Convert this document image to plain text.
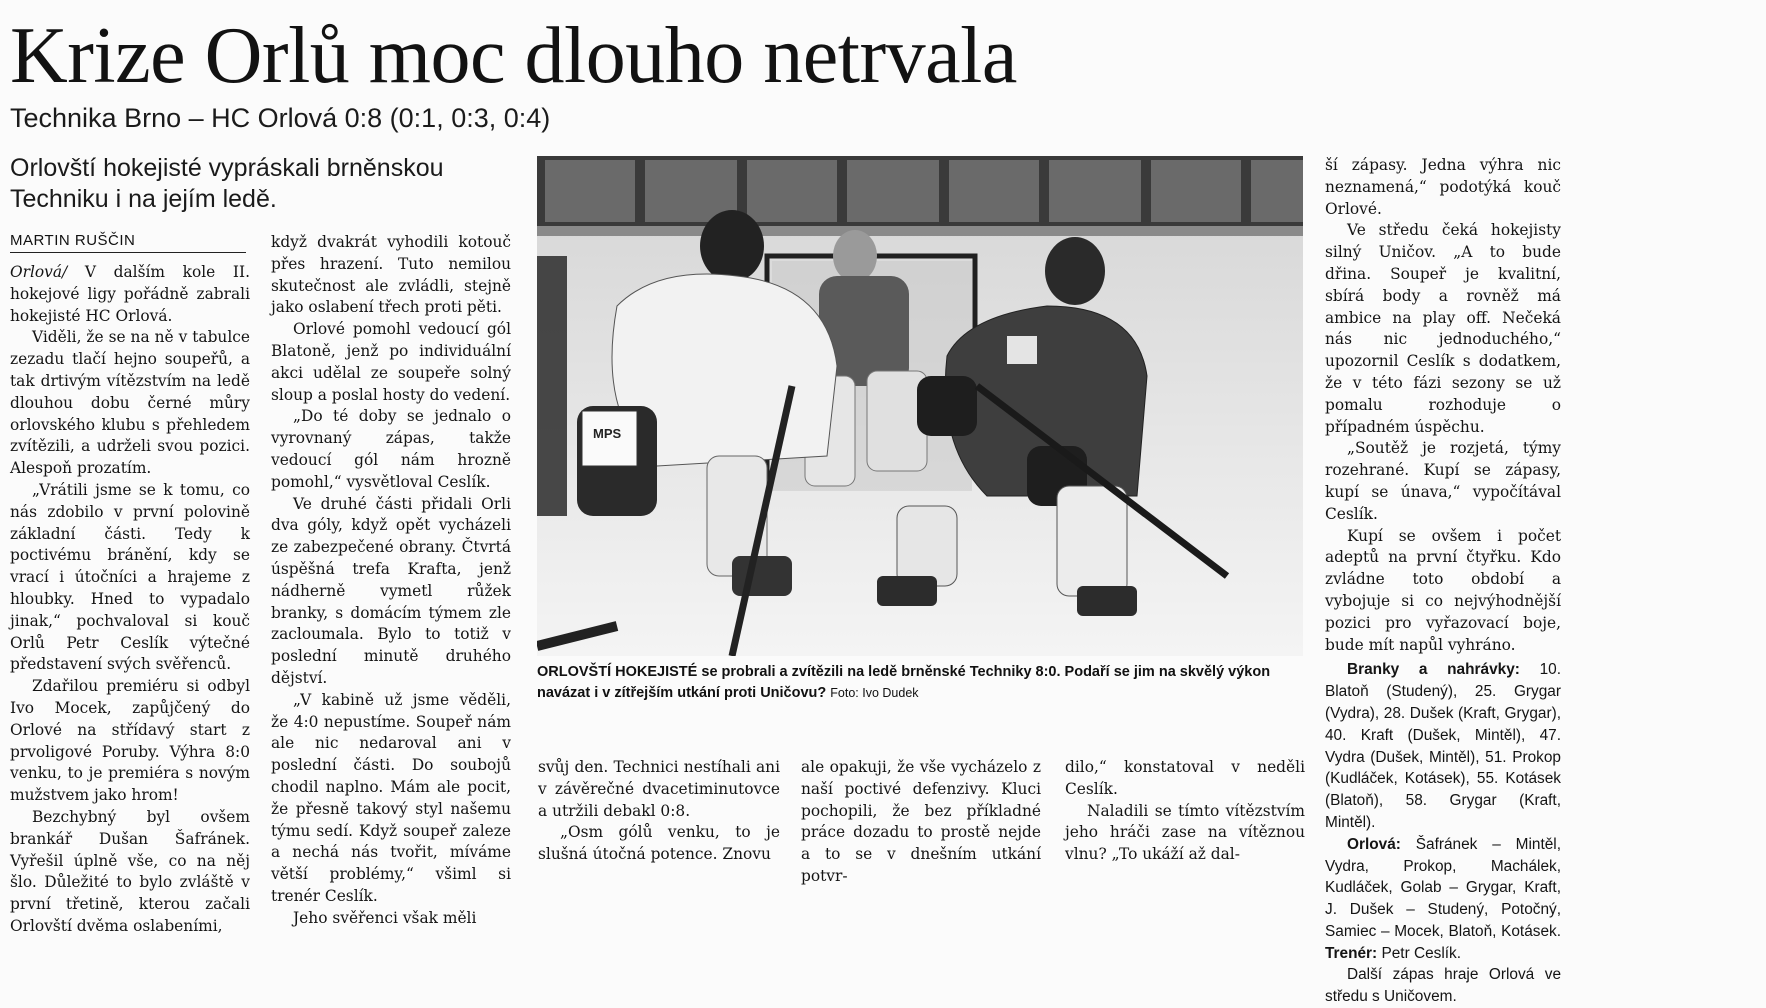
Krize Orlů moc dlouho netrvala
Technika Brno – HC Orlová 0:8 (0:1, 0:3, 0:4)
Orlovští hokejisté vypráskali brněnskou Techniku i na jejím ledě.
MARTIN RUŠČIN

Orlová/ V dalším kole II. hokejové ligy pořádně zabrali hokejisté HC Orlová.

Viděli, že se na ně v tabulce zezadu tlačí hejno soupeřů, a tak drtivým vítězstvím na ledě dlouhou dobu černé můry orlovského klubu s přehledem zvítězili, a udrželi svou pozici. Alespoň prozatím.

„Vrátili jsme se k tomu, co nás zdobilo v první polovině základní části. Tedy k poctivému bránění, kdy se vrací i útočníci a hrajeme z hloubky. Hned to vypadalo jinak,“ pochvaloval si kouč Orlů Petr Ceslík výtečné představení svých svěřenců.

Zdařilou premiéru si odbyl Ivo Mocek, zapůjčený do Orlové na střídavý start z prvoligové Poruby. Výhra 8:0 venku, to je premiéra s novým mužstvem jako hrom!

Bezchybný byl ovšem brankář Dušan Šafránek. Vyřešil úplně vše, co na něj šlo. Důležité to bylo zvláště v první třetině, kterou začali Orlovští dvěma oslabeními,

když dvakrát vyhodili kotouč přes hrazení. Tuto nemilou skutečnost ale zvládli, stejně jako oslabení třech proti pěti.

Orlové pomohl vedoucí gól Blatoně, jenž po individuální akci udělal ze soupeře solný sloup a poslal hosty do vedení.

„Do té doby se jednalo o vyrovnaný zápas, takže vedoucí gól nám hrozně pomohl,“ vysvětloval Ceslík.

Ve druhé části přidali Orli dva góly, když opět vycházeli ze zabezpečené obrany. Čtvrtá úspěšná trefa Krafta, jenž nádherně vymetl růžek branky, s domácím týmem zle zacloumala. Bylo to totiž v poslední minutě druhého dějství.

„V kabině už jsme věděli, že 4:0 nepustíme. Soupeř nám ale nic nedaroval ani v poslední části. Do soubojů chodil naplno. Mám ale pocit, že přesně takový styl našemu týmu sedí. Když soupeř zaleze a nechá nás tvořit, míváme větší problémy,“ všiml si trenér Ceslík.

Jeho svěřenci však měli

MPS
ORLOVŠTÍ HOKEJISTÉ se probrali a zvítězili na ledě brněnské Techniky 8:0. Podaří se jim na skvělý výkon navázat i v zítřejším utkání proti Uničovu? Foto: Ivo Dudek

svůj den. Technici nestíhali ani v závěrečné dvacetiminutovce a utržili debakl 0:8.

„Osm gólů venku, to je slušná útočná potence. Znovu

ale opakuji, že vše vycházelo z naší poctivé defenzivy. Kluci pochopili, že bez příkladné práce dozadu to prostě nejde a to se v dnešním utkání potvr-

dilo,“ konstatoval v neděli Ceslík.

Naladili se tímto vítězstvím jeho hráči zase na vítěznou vlnu? „To ukáží až dal-

ší zápasy. Jedna výhra nic neznamená,“ podotýká kouč Orlové.

Ve středu čeká hokejisty silný Uničov. „A to bude dřina. Soupeř je kvalitní, sbírá body a rovněž má ambice na play off. Nečeká nás nic jednoduchého,“ upozornil Ceslík s dodatkem, že v této fázi sezony se už pomalu rozhoduje o případném úspěchu.

„Soutěž je rozjetá, týmy rozehrané. Kupí se zápasy, kupí se únava,“ vypočítával Ceslík.

Kupí se ovšem i počet adeptů na první čtyřku. Kdo zvládne toto období a vybojuje si co nejvýhodnější pozici pro vyřazovací boje, bude mít napůl vyhráno.

Branky a nahrávky: 10. Blatoň (Studený), 25. Grygar (Vydra), 28. Dušek (Kraft, Grygar), 40. Kraft (Dušek, Mintěl), 47. Vydra (Dušek, Mintěl), 51. Prokop (Kudláček, Kotásek), 55. Kotásek (Blatoň), 58. Grygar (Kraft, Mintěl).

Orlová: Šafránek – Mintěl, Vydra, Prokop, Machálek, Kudláček, Golab – Grygar, Kraft, J. Dušek – Studený, Potočný, Samiec – Mocek, Blatoň, Kotásek. Trenér: Petr Ceslík.

Další zápas hraje Orlová ve středu s Uničovem.
